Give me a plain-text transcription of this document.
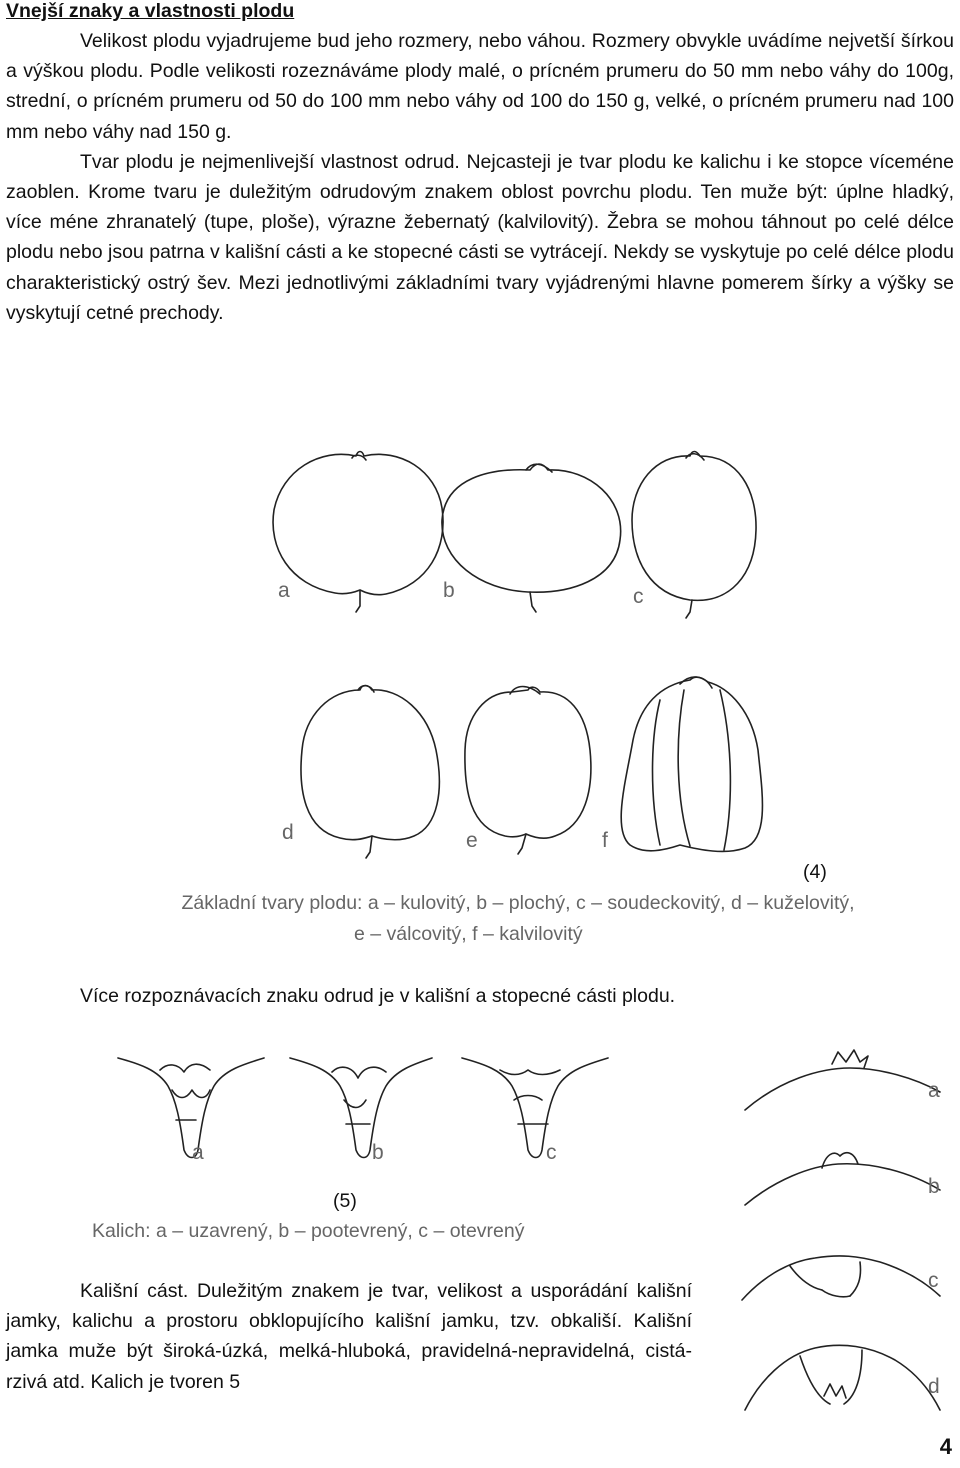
Vnejší znaky a vlastnosti plodu

Velikost plodu vyjadrujeme bud jeho rozmery, nebo váhou. Rozmery obvykle uvádíme nejvetší šírkou a výškou plodu. Podle velikosti rozeznáváme plody malé, o prícném prumeru do 50 mm nebo váhy do 100g, strední, o prícném prumeru od 50 do 100 mm nebo váhy od 100 do 150 g, velké, o prícném prumeru nad 100 mm nebo váhy nad 150 g.

Tvar plodu je nejmenlivejší vlastnost odrud. Nejcasteji je tvar plodu ke kalichu i ke stopce víceméne zaoblen. Krome tvaru je duležitým odrudovým znakem oblost povrchu plodu. Ten muže být: úplne hladký, více méne zhranatelý (tupe, ploše), výrazne žebernatý (kalvilovitý). Žebra se mohou táhnout po celé délce plodu nebo jsou patrna v kališní cásti a ke stopecné cásti se vytrácejí. Nekdy se vyskytuje po celé délce plodu charakteristický ostrý šev. Mezi jednotlivými základními tvary vyjádrenými hlavne pomerem šírky a výšky se vyskytují cetné prechody.

a	b	c
d	e	f
(4)
Základní tvary plodu: a – kulovitý, b – plochý, c – soudeckovitý, d – kuželovitý,
e – válcovitý, f – kalvilovitý
Více rozpoznávacích znaku odrud je v kališní a stopecné cásti plodu.
a	b	c
(5)
Kalich: a – uzavrený, b – pootevrený, c – otevrený
a
b
c
d

Kališní cást. Duležitým znakem je tvar, velikost a usporádání kališní jamky, kalichu a prostoru obklopujícího kališní jamku, tzv. obkališí. Kališní jamka muže být široká-úzká, melká-hluboká, pravidelná-nepravidelná, cistá-rzivá atd. Kalich je tvoren 5

4
